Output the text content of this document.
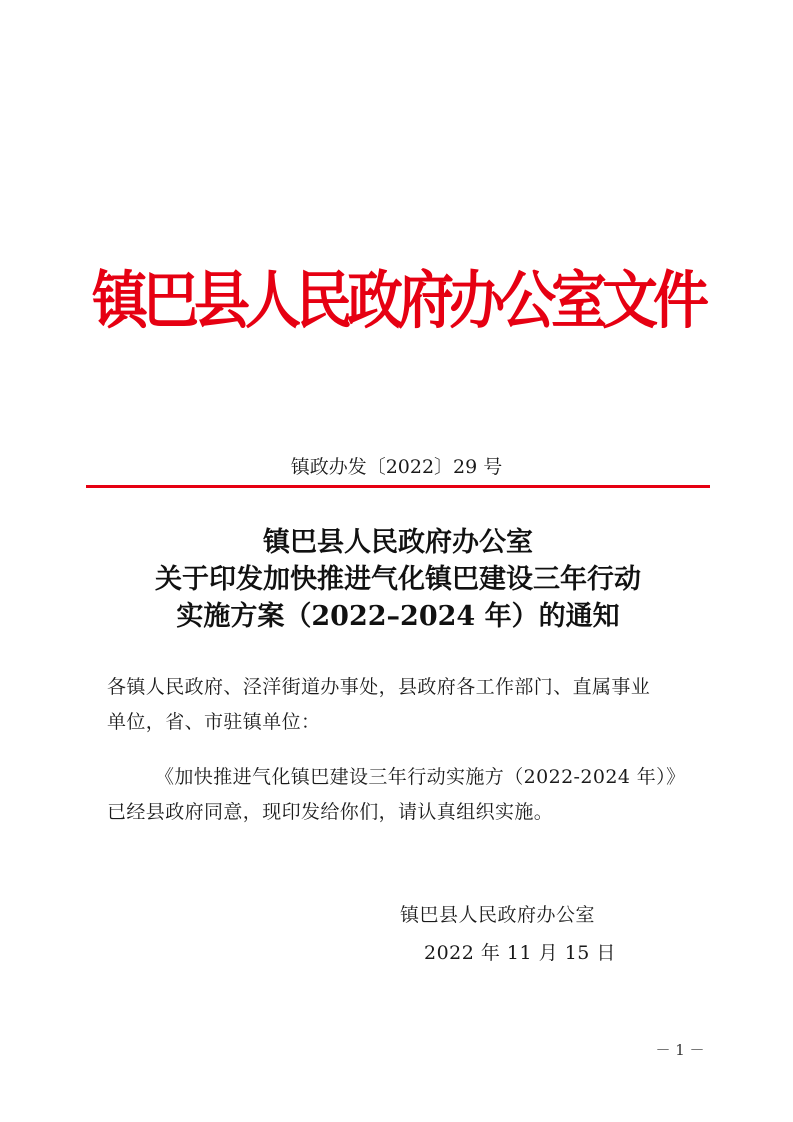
镇巴县人民政府办公室文件
镇政办发〔2022〕29 号
镇巴县人民政府办公室
关于印发加快推进气化镇巴建设三年行动
实施方案（2022–2024 年）的通知
各镇人民政府、泾洋街道办事处，县政府各工作部门、直属事业
单位，省、市驻镇单位：
《加快推进气化镇巴建设三年行动实施方（2022-2024 年）》
已经县政府同意，现印发给你们，请认真组织实施。
镇巴县人民政府办公室
2022 年 11 月 15 日
－ 1 －
